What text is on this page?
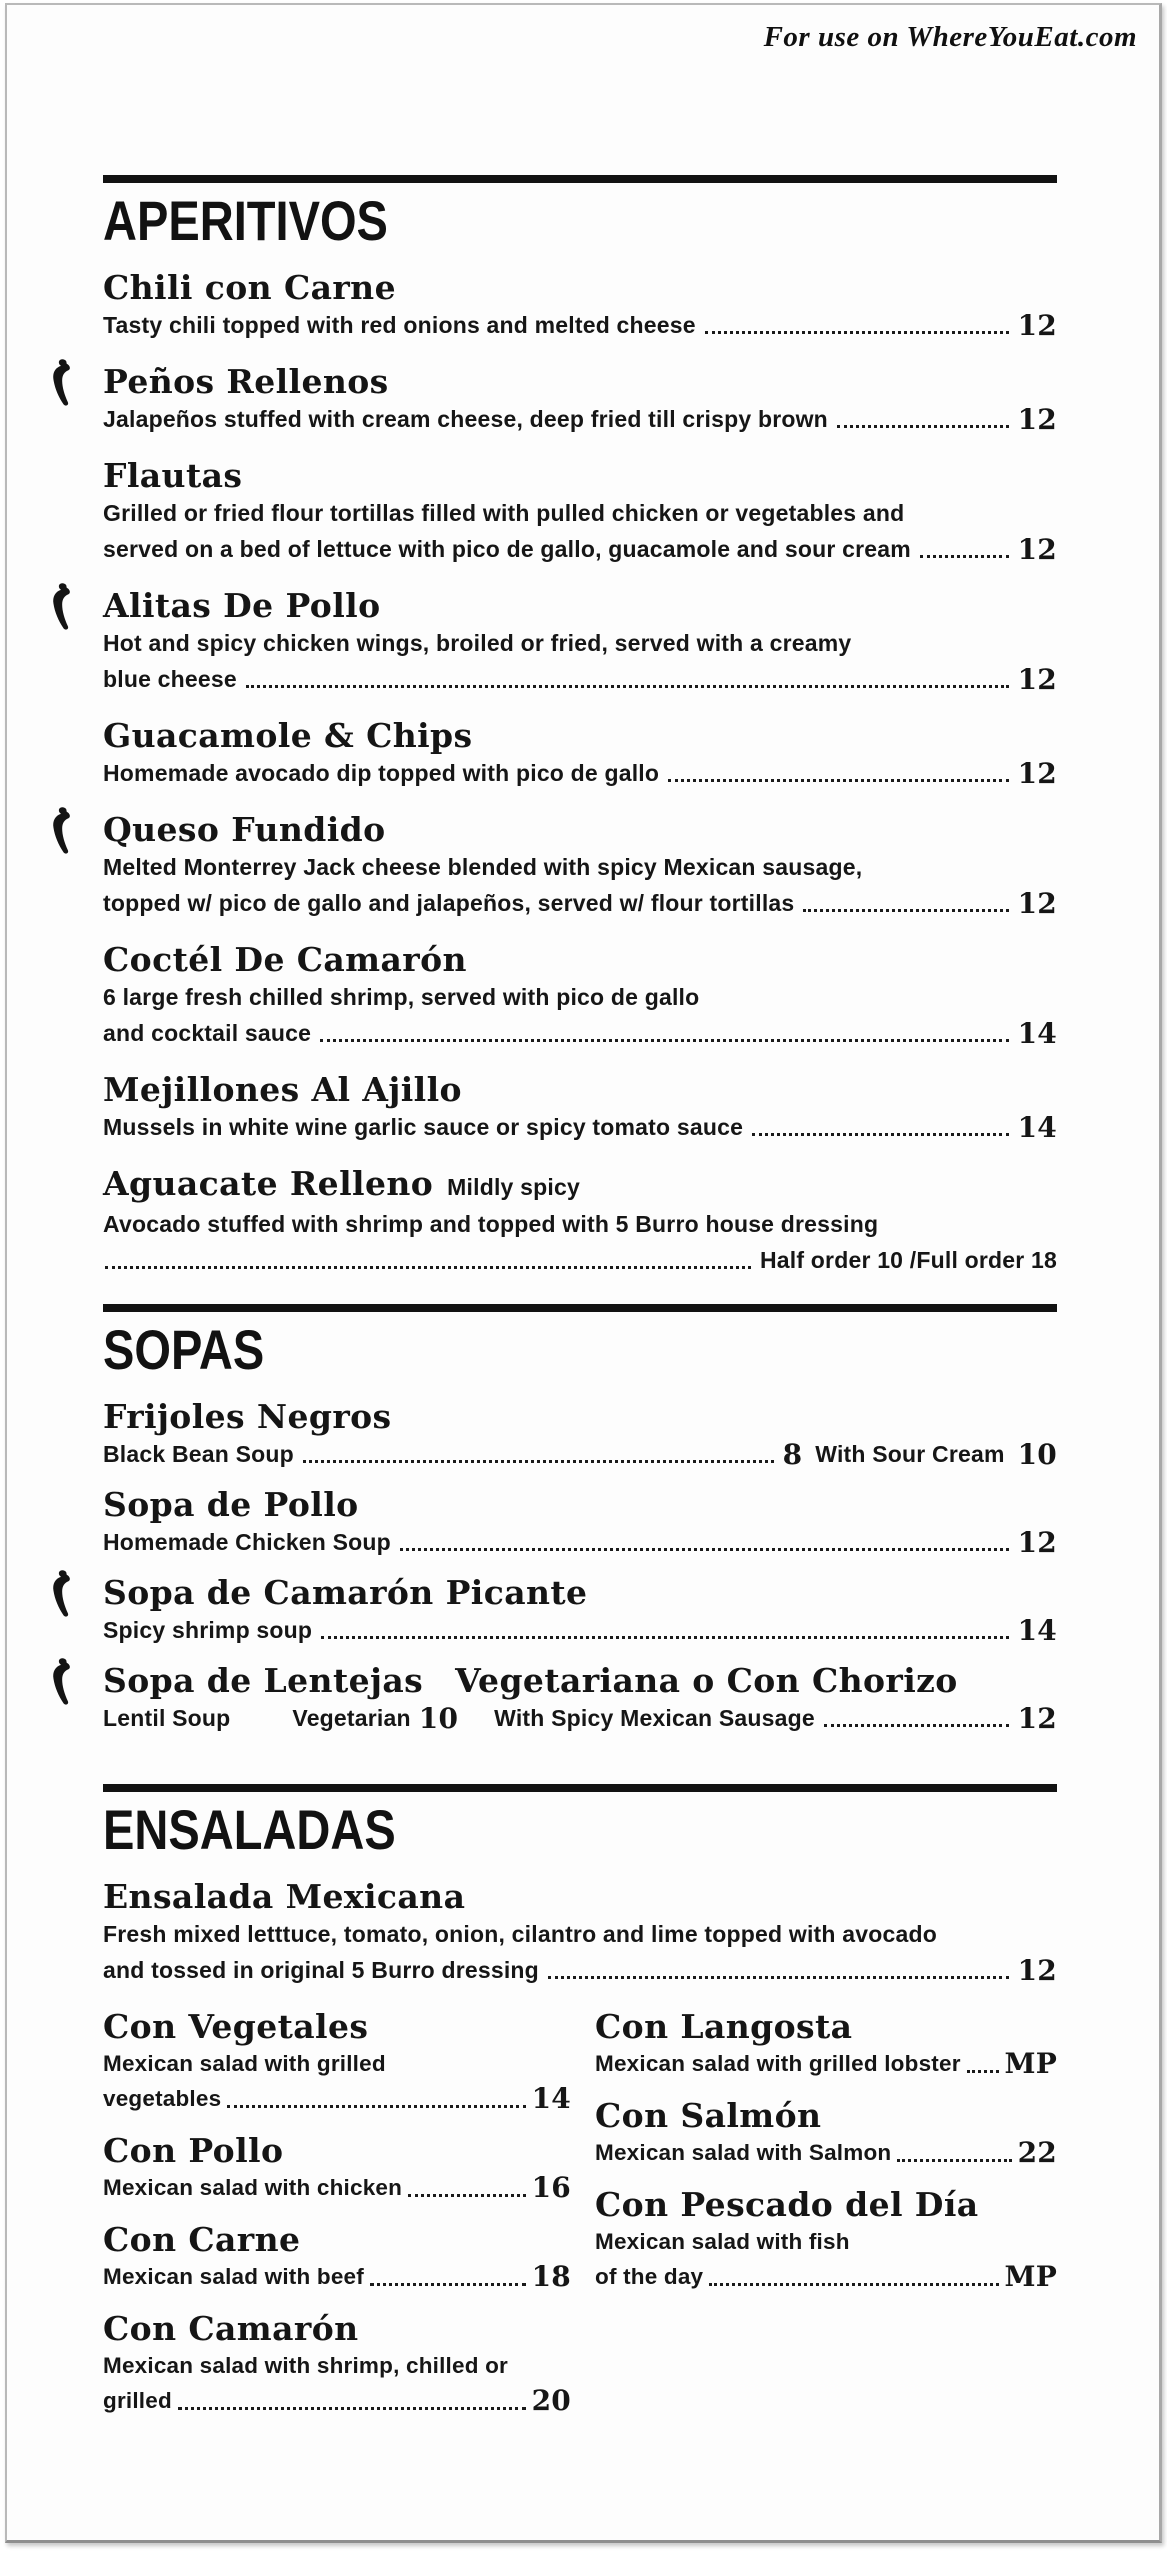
For use on WhereYouEat.com
APERITIVOS
Chili con Carne
Tasty chili topped with red onions and melted cheese	12
Peños Rellenos
Jalapeños stuffed with cream cheese, deep fried till crispy brown	12
Flautas
Grilled or fried flour tortillas filled with pulled chicken or vegetables and
served on a bed of lettuce with pico de gallo, guacamole and sour cream	12
Alitas De Pollo
Hot and spicy chicken wings, broiled or fried, served with a creamy
blue cheese	12
Guacamole & Chips
Homemade avocado dip topped with pico de gallo	12
Queso Fundido
Melted Monterrey Jack cheese blended with spicy Mexican sausage,
topped w/ pico de gallo and jalapeños, served w/ flour tortillas	12
Coctél De Camarón
6 large fresh chilled shrimp, served with pico de gallo
and cocktail sauce	14
Mejillones Al Ajillo
Mussels in white wine garlic sauce or spicy tomato sauce	14
Aguacate Relleno Mildly spicy
Avocado stuffed with shrimp and topped with 5 Burro house dressing
Half order 10 /Full order 18
SOPAS
Frijoles Negros
Black Bean Soup	8 With Sour Cream 10
Sopa de Pollo
Homemade Chicken Soup	12
Sopa de Camarón Picante
Spicy shrimp soup	14
Sopa de Lentejas Vegetariana o Con Chorizo
Lentil Soup	Vegetarian 10 With Spicy Mexican Sausage	12
ENSALADAS
Ensalada Mexicana
Fresh mixed letttuce, tomato, onion, cilantro and lime topped with avocado
and tossed in original 5 Burro dressing	12
Con Vegetales
Mexican salad with grilled
vegetables	14
Con Pollo
Mexican salad with chicken	16
Con Carne
Mexican salad with beef	18
Con Camarón
Mexican salad with shrimp, chilled or
grilled	20
Con Langosta
Mexican salad with grilled lobster MP
Con Salmón
Mexican salad with Salmon	22
Con Pescado del Día
Mexican salad with fish
of the day	MP
